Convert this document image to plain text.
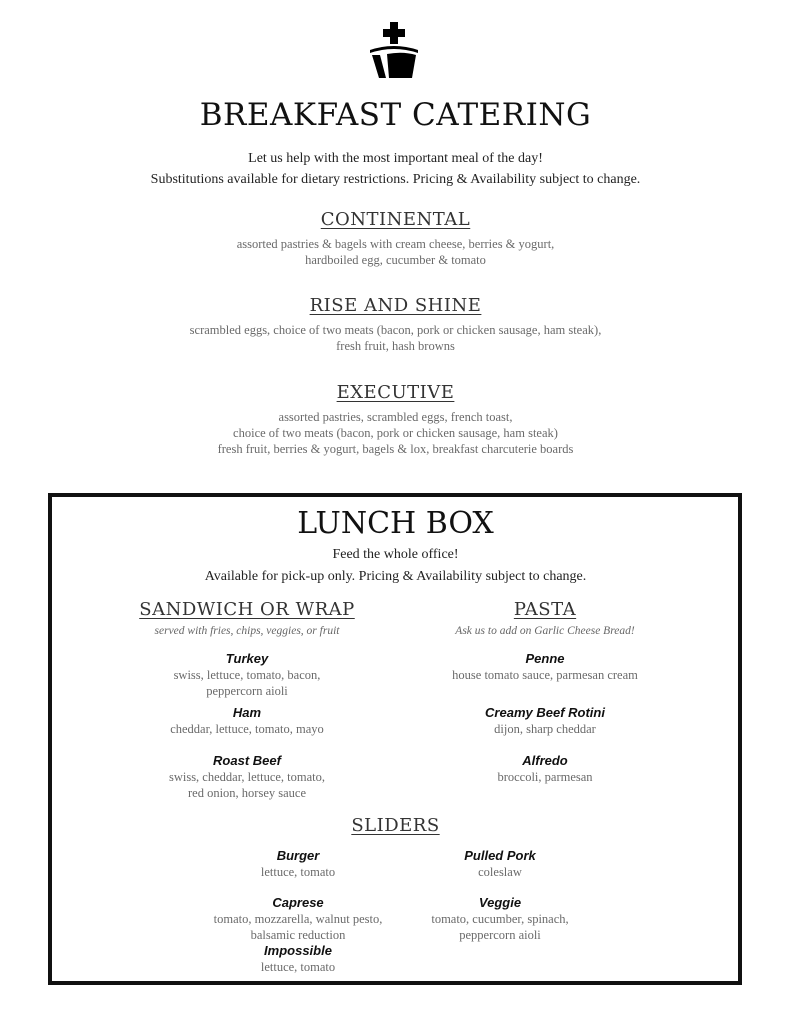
BREAKFAST CATERING
Let us help with the most important meal of the day!
Substitutions available for dietary restrictions. Pricing & Availability subject to change.
CONTINENTAL
assorted pastries & bagels with cream cheese, berries & yogurt,
hardboiled egg, cucumber & tomato
RISE AND SHINE
scrambled eggs, choice of two meats (bacon, pork or chicken sausage, ham steak),
fresh fruit, hash browns
EXECUTIVE
assorted pastries, scrambled eggs, french toast,
choice of two meats (bacon, pork or chicken sausage, ham steak)
fresh fruit, berries & yogurt, bagels & lox, breakfast charcuterie boards
LUNCH BOX
Feed the whole office!
Available for pick-up only. Pricing & Availability subject to change.
SANDWICH OR WRAP
served with fries, chips, veggies, or fruit
Turkey
swiss, lettuce, tomato, bacon,
peppercorn aioli
Ham
cheddar, lettuce, tomato, mayo
Roast Beef
swiss, cheddar, lettuce, tomato,
red onion, horsey sauce
PASTA
Ask us to add on Garlic Cheese Bread!
Penne
house tomato sauce, parmesan cream
Creamy Beef Rotini
dijon, sharp cheddar
Alfredo
broccoli, parmesan
SLIDERS
Burger
lettuce, tomato
Pulled Pork
coleslaw
Caprese
tomato, mozzarella, walnut pesto,
balsamic reduction
Veggie
tomato, cucumber, spinach,
peppercorn aioli
Impossible
lettuce, tomato
